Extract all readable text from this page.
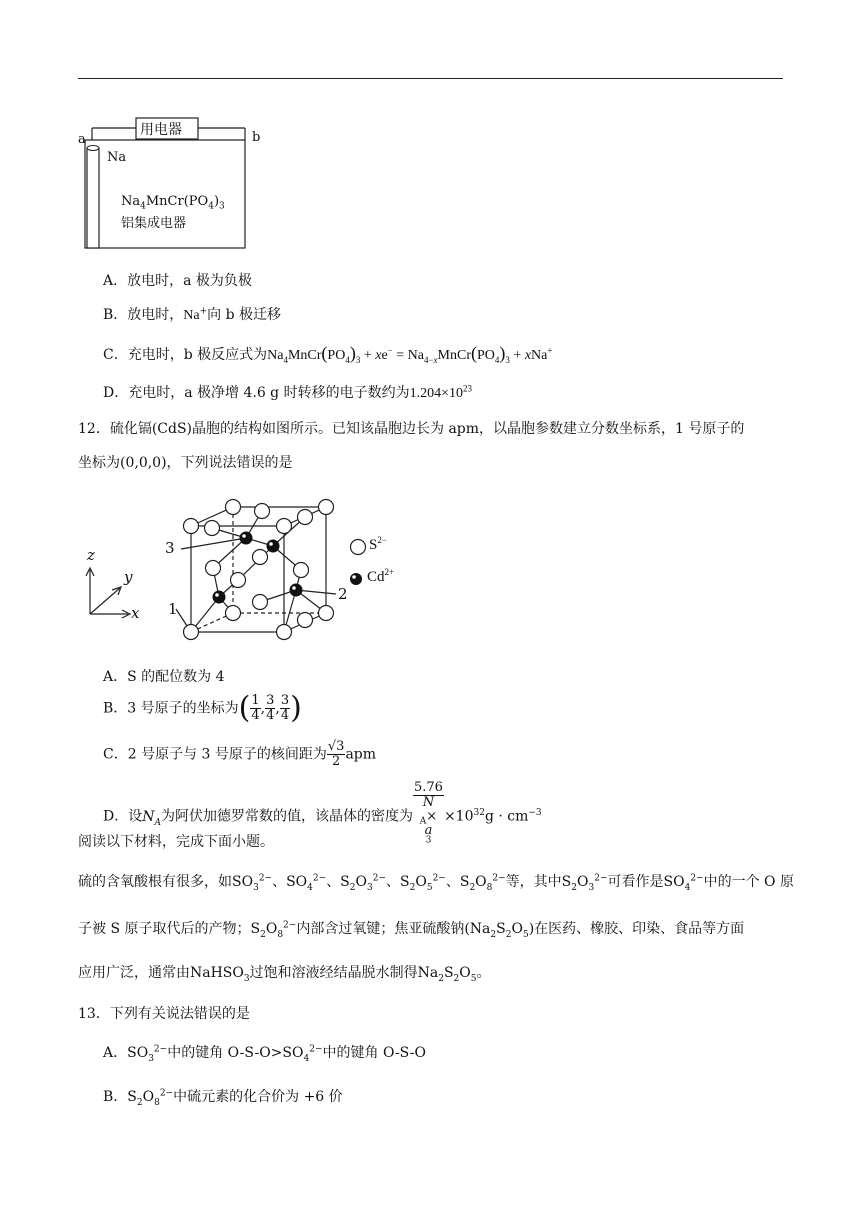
用电器
a	b
Na
$Na_4MnCr(PO_4)_3$
铝集成电器
A．放电时，a 极为负极
B．放电时，Na+向 b 极迁移
C．充电时，b 极反应式为$Na_4MnCr(PO_4)_3 + xe^-$ = $Na_{4-x}MnCr(PO_4)_3 + xNa^+$
D．充电时，a 极净增 4.6 g 时转移的电子数约为$1.204\times 10^{23}$
12．硫化镉(CdS)晶胞的结构如图所示。已知该晶胞边长为 apm，以晶胞参数建立分数坐标系，1 号原子的
坐标为(0,0,0)，下列说法错误的是
z
y
x
3
1
2
$S^{2-}$
$Cd^{2+}$
A．S 的配位数为 4
B．3 号原子的坐标为( $\frac{1}{4}$ , $\frac{3}{4}$ , $\frac{3}{4}$ )
C．2 号原子与 3 号原子的核间距为 $\frac{√3}{2}$ apm
D．设$N_A$为阿伏加德罗常数的值，该晶体的密度为 5.76
N
$_A$×
a
$^3 \times 10^{32}g \cdot cm^{-3}$
阅读以下材料，完成下面小题。
硫的含氧酸根有很多，如$SO_3^{2-}$、$SO_4^{2-}$、$S_2O_3^{2-}$、$S_2O_5^{2-}$、$S_2O_8^{2-}$等，其中$S_2O_3^{2-}$可看作是$SO_4^{2-}$中的一个 O 原
子被 S 原子取代后的产物；$S_2O_8^{2-}$内部含过氧键；焦亚硫酸钠$(Na_2S_2O_5)$在医药、橡胶、印染、食品等方面
应用广泛，通常由NaHSO$_3$过饱和溶液经结晶脱水制得$Na_2S_2O_5$。
13．下列有关说法错误的是
A．$SO_3^{2-}$中的键角 $O-S-O>SO_4^{2-}$中的键角 O-S-O
B．$S_2O_8^{2-}$中硫元素的化合价为 +6 价
